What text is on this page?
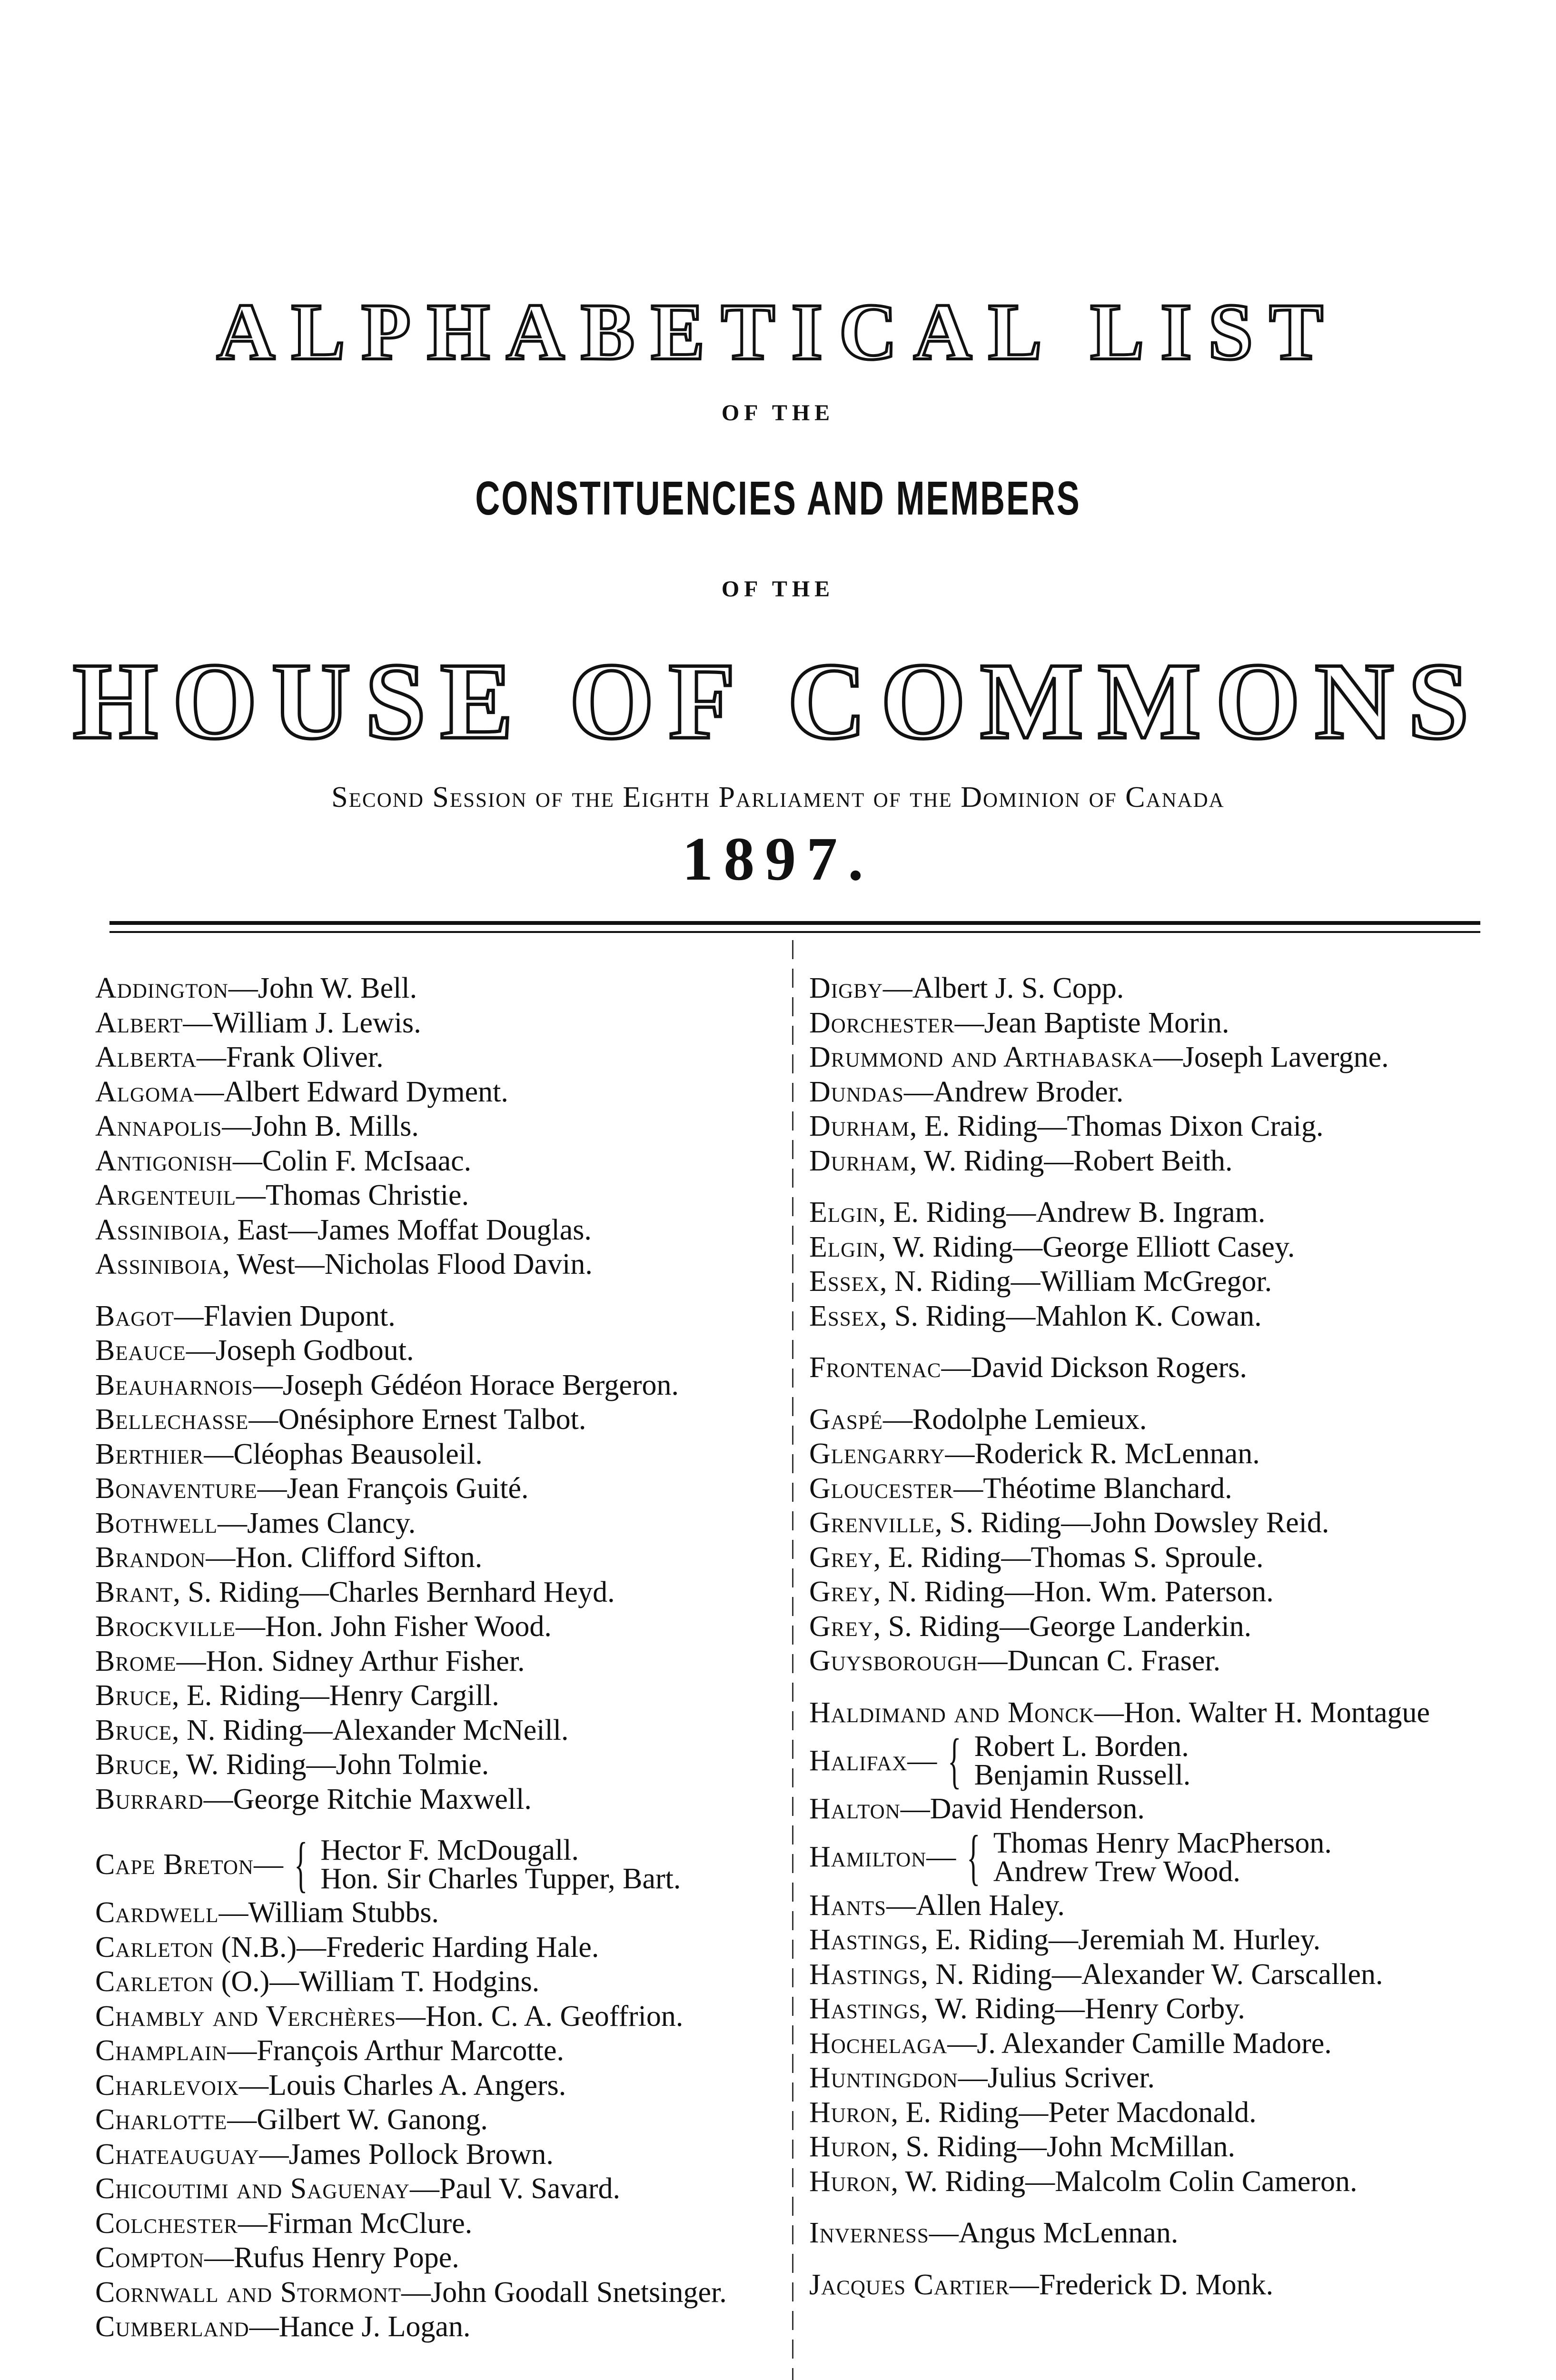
ALPHABETICAL LIST
OF THE
CONSTITUENCIES AND MEMBERS
OF THE
HOUSE OF COMMONS
Second Session of the Eighth Parliament of the Dominion of Canada
1897.
Addington—John W. Bell.
Albert—William J. Lewis.
Alberta—Frank Oliver.
Algoma—Albert Edward Dyment.
Annapolis—John B. Mills.
Antigonish—Colin F. McIsaac.
Argenteuil—Thomas Christie.
Assiniboia, East—James Moffat Douglas.
Assiniboia, West—Nicholas Flood Davin.
Bagot—Flavien Dupont.
Beauce—Joseph Godbout.
Beauharnois—Joseph Gédéon Horace Bergeron.
Bellechasse—Onésiphore Ernest Talbot.
Berthier—Cléophas Beausoleil.
Bonaventure—Jean François Guité.
Bothwell—James Clancy.
Brandon—Hon. Clifford Sifton.
Brant, S. Riding—Charles Bernhard Heyd.
Brockville—Hon. John Fisher Wood.
Brome—Hon. Sidney Arthur Fisher.
Bruce, E. Riding—Henry Cargill.
Bruce, N. Riding—Alexander McNeill.
Bruce, W. Riding—John Tolmie.
Burrard—George Ritchie Maxwell.
Cape Breton — { Hector F. McDougall.
Hon. Sir Charles Tupper, Bart.
Cardwell—William Stubbs.
Carleton (N.B.)—Frederic Harding Hale.
Carleton (O.)—William T. Hodgins.
Chambly and Verchères—Hon. C. A. Geoffrion.
Champlain—François Arthur Marcotte.
Charlevoix—Louis Charles A. Angers.
Charlotte—Gilbert W. Ganong.
Chateauguay—James Pollock Brown.
Chicoutimi and Saguenay—Paul V. Savard.
Colchester—Firman McClure.
Compton—Rufus Henry Pope.
Cornwall and Stormont—John Goodall Snetsinger.
Cumberland—Hance J. Logan.
Digby—Albert J. S. Copp.
Dorchester—Jean Baptiste Morin.
Drummond and Arthabaska—Joseph Lavergne.
Dundas—Andrew Broder.
Durham, E. Riding—Thomas Dixon Craig.
Durham, W. Riding—Robert Beith.
Elgin, E. Riding—Andrew B. Ingram.
Elgin, W. Riding—George Elliott Casey.
Essex, N. Riding—William McGregor.
Essex, S. Riding—Mahlon K. Cowan.
Frontenac—David Dickson Rogers.
Gaspé—Rodolphe Lemieux.
Glengarry—Roderick R. McLennan.
Gloucester—Théotime Blanchard.
Grenville, S. Riding—John Dowsley Reid.
Grey, E. Riding—Thomas S. Sproule.
Grey, N. Riding—Hon. Wm. Paterson.
Grey, S. Riding—George Landerkin.
Guysborough—Duncan C. Fraser.
Haldimand and Monck—Hon. Walter H. Montague
Halifax — { Robert L. Borden.
Benjamin Russell.
Halton—David Henderson.
Hamilton — { Thomas Henry MacPherson.
Andrew Trew Wood.
Hants—Allen Haley.
Hastings, E. Riding—Jeremiah M. Hurley.
Hastings, N. Riding—Alexander W. Carscallen.
Hastings, W. Riding—Henry Corby.
Hochelaga—J. Alexander Camille Madore.
Huntingdon—Julius Scriver.
Huron, E. Riding—Peter Macdonald.
Huron, S. Riding—John McMillan.
Huron, W. Riding—Malcolm Colin Cameron.
Inverness—Angus McLennan.
Jacques Cartier—Frederick D. Monk.
